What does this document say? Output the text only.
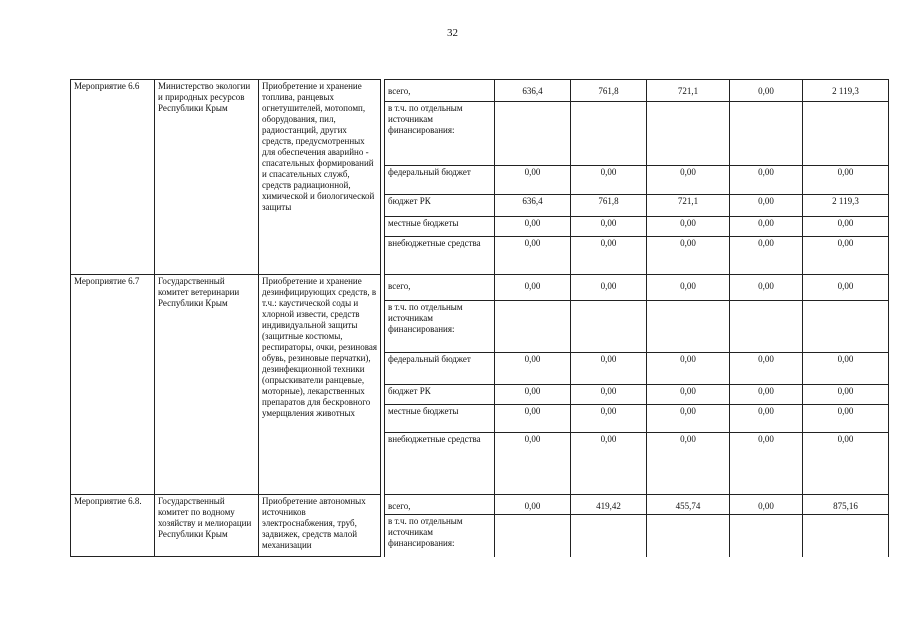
32
Мероприятие 6.6	Министерство экологии и природных ресурсов Республики Крым	Приобретение и хранение топлива, ранцевых огнетушителей, мотопомп, оборудования, пил, радиостанций, других средств, предусмотренных для обеспечения аварийно - спасательных формирований и спасательных служб, средств радиационной, химической и биологической защиты		всего,	636,4	761,8	721,1	0,00	2 119,3
				в т.ч. по отдельным источникам финансирования:					
				федеральный бюджет	0,00	0,00	0,00	0,00	0,00
				бюджет РК	636,4	761,8	721,1	0,00	2 119,3
				местные бюджеты	0,00	0,00	0,00	0,00	0,00
				внебюджетные средства	0,00	0,00	0,00	0,00	0,00
Мероприятие 6.7	Государственный комитет ветеринарии Республики Крым	Приобретение и хранение дезинфицирующих средств, в т.ч.: каустической соды и хлорной извести, средств индивидуальной защиты (защитные костюмы, респираторы, очки, резиновая обувь, резиновые перчатки), дезинфекционной техники (опрыскиватели ранцевые, моторные), лекарственных препаратов для бескровного умерщвления животных		всего,	0,00	0,00	0,00	0,00	0,00
				в т.ч. по отдельным источникам финансирования:					
				федеральный бюджет	0,00	0,00	0,00	0,00	0,00
				бюджет РК	0,00	0,00	0,00	0,00	0,00
				местные бюджеты	0,00	0,00	0,00	0,00	0,00
				внебюджетные средства	0,00	0,00	0,00	0,00	0,00
Мероприятие 6.8.	Государственный комитет по водному хозяйству и мелиорации Республики Крым	Приобретение автономных источников электроснабжения, труб, задвижек, средств малой механизации		всего,	0,00	419,42	455,74	0,00	875,16
				в т.ч. по отдельным источникам финансирования:					
